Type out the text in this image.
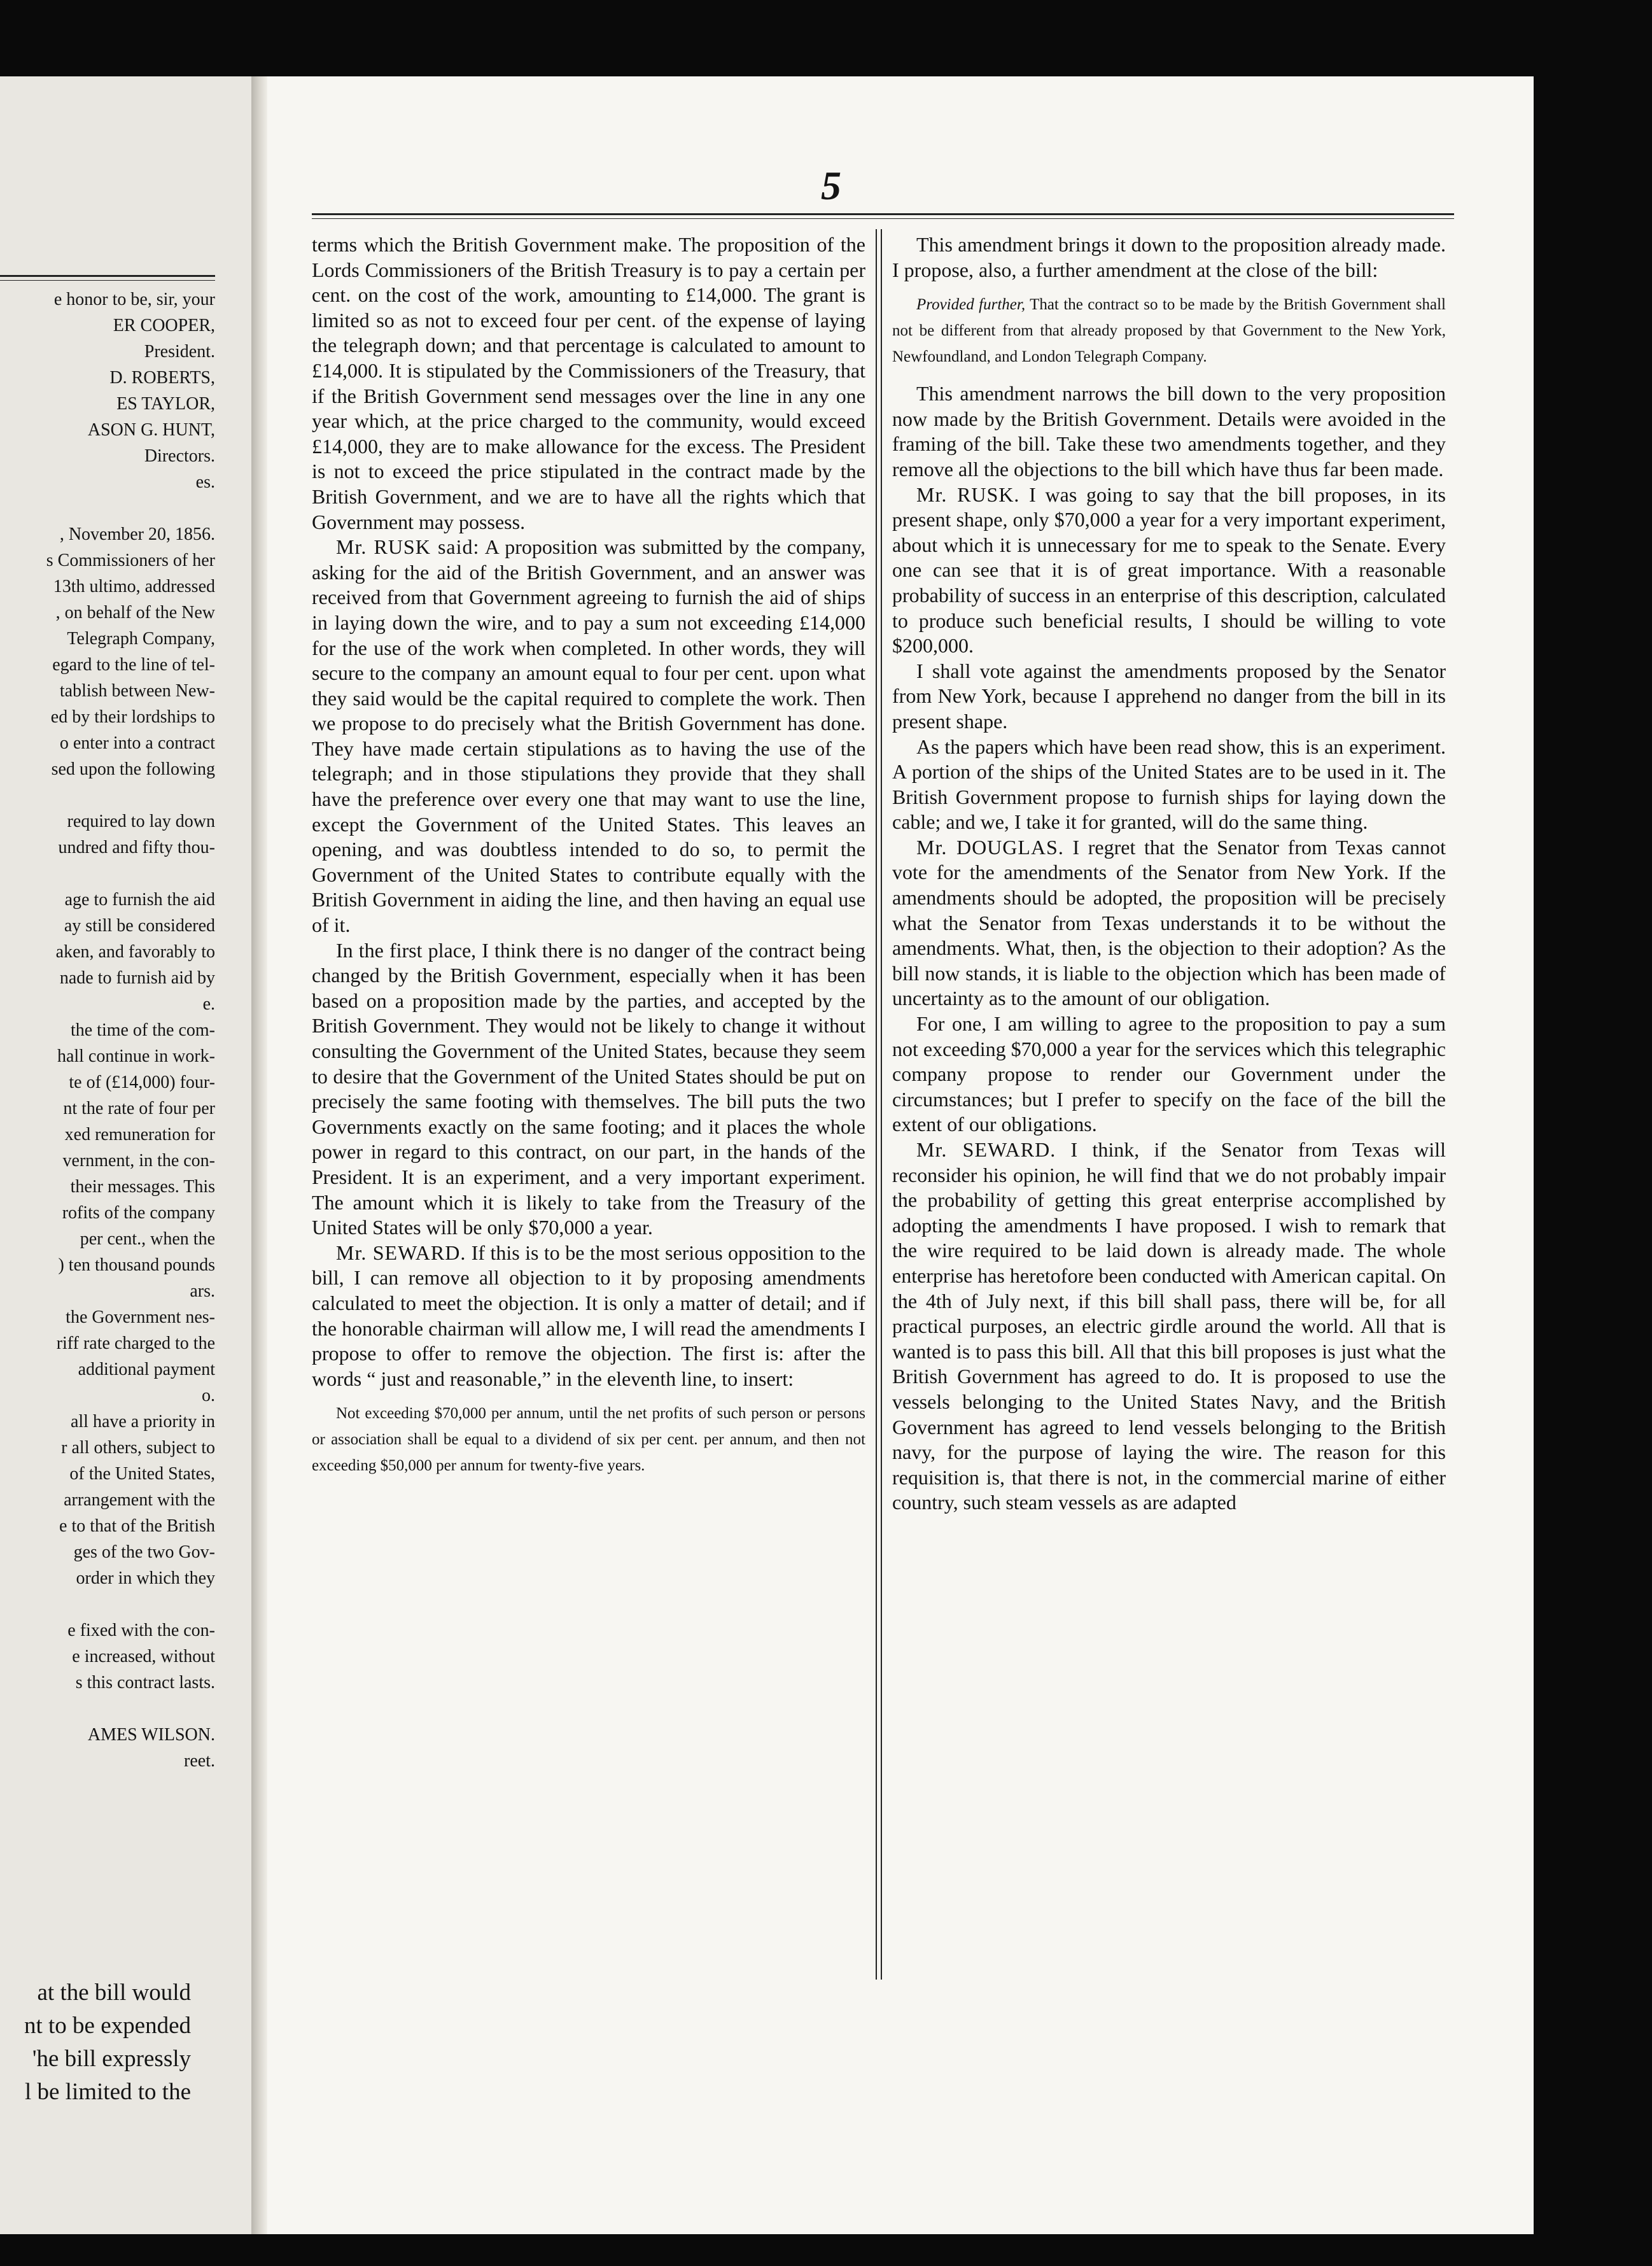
e honor to be, sir, your
ER COOPER,
President.
D. ROBERTS,
ES TAYLOR,
ASON G. HUNT,
Directors.
es.

, November 20, 1856.
s Commissioners of her
13th ultimo, addressed
, on behalf of the New
Telegraph Company,
egard to the line of tel-
tablish between New-
ed by their lordships to
o enter into a contract
sed upon the following

required to lay down
undred and fifty thou-

age to furnish the aid
ay still be considered
aken, and favorably to
nade to furnish aid by
e.
the time of the com-
hall continue in work-
te of (£14,000) four-
nt the rate of four per
xed remuneration for
vernment, in the con-
their messages. This
rofits of the company
per cent., when the
) ten thousand pounds
ars.
the Government nes-
riff rate charged to the
additional payment
o.
all have a priority in
r all others, subject to
of the United States,
arrangement with the
e to that of the British
ges of the two Gov-
order in which they

e fixed with the con-
e increased, without
s this contract lasts.

AMES WILSON.
reet.
at the bill would
nt to be expended
'he bill expressly
l be limited to the
5

terms which the British Government make. The proposition of the Lords Commissioners of the British Treasury is to pay a certain per cent. on the cost of the work, amounting to £14,000. The grant is limited so as not to exceed four per cent. of the expense of laying the telegraph down; and that percentage is calculated to amount to £14,000. It is stipulated by the Commissioners of the Treasury, that if the British Government send messages over the line in any one year which, at the price charged to the community, would exceed £14,000, they are to make allowance for the excess. The President is not to exceed the price stipulated in the contract made by the British Government, and we are to have all the rights which that Government may possess.

Mr. RUSK said: A proposition was submitted by the company, asking for the aid of the British Government, and an answer was received from that Government agreeing to furnish the aid of ships in laying down the wire, and to pay a sum not exceeding £14,000 for the use of the work when completed. In other words, they will secure to the company an amount equal to four per cent. upon what they said would be the capital required to complete the work. Then we propose to do precisely what the British Government has done. They have made certain stipulations as to having the use of the telegraph; and in those stipulations they provide that they shall have the preference over every one that may want to use the line, except the Government of the United States. This leaves an opening, and was doubtless intended to do so, to permit the Government of the United States to contribute equally with the British Government in aiding the line, and then having an equal use of it.

In the first place, I think there is no danger of the contract being changed by the British Government, especially when it has been based on a proposition made by the parties, and accepted by the British Government. They would not be likely to change it without consulting the Government of the United States, because they seem to desire that the Government of the United States should be put on precisely the same footing with themselves. The bill puts the two Governments exactly on the same footing; and it places the whole power in regard to this contract, on our part, in the hands of the President. It is an experiment, and a very important experiment. The amount which it is likely to take from the Treasury of the United States will be only $70,000 a year.

Mr. SEWARD. If this is to be the most serious opposition to the bill, I can remove all objection to it by proposing amendments calculated to meet the objection. It is only a matter of detail; and if the honorable chairman will allow me, I will read the amendments I propose to offer to remove the objection. The first is: after the words “ just and reasonable,” in the eleventh line, to insert:

Not exceeding $70,000 per annum, until the net profits of such person or persons or association shall be equal to a dividend of six per cent. per annum, and then not exceeding $50,000 per annum for twenty-five years.

This amendment brings it down to the proposition already made. I propose, also, a further amendment at the close of the bill:

Provided further, That the contract so to be made by the British Government shall not be different from that already proposed by that Government to the New York, Newfoundland, and London Telegraph Company.

This amendment narrows the bill down to the very proposition now made by the British Government. Details were avoided in the framing of the bill. Take these two amendments together, and they remove all the objections to the bill which have thus far been made.

Mr. RUSK. I was going to say that the bill proposes, in its present shape, only $70,000 a year for a very important experiment, about which it is unnecessary for me to speak to the Senate. Every one can see that it is of great importance. With a reasonable probability of success in an enterprise of this description, calculated to produce such beneficial results, I should be willing to vote $200,000.

I shall vote against the amendments proposed by the Senator from New York, because I apprehend no danger from the bill in its present shape.

As the papers which have been read show, this is an experiment. A portion of the ships of the United States are to be used in it. The British Government propose to furnish ships for laying down the cable; and we, I take it for granted, will do the same thing.

Mr. DOUGLAS. I regret that the Senator from Texas cannot vote for the amendments of the Senator from New York. If the amendments should be adopted, the proposition will be precisely what the Senator from Texas understands it to be without the amendments. What, then, is the objection to their adoption? As the bill now stands, it is liable to the objection which has been made of uncertainty as to the amount of our obligation.

For one, I am willing to agree to the proposition to pay a sum not exceeding $70,000 a year for the services which this telegraphic company propose to render our Government under the circumstances; but I prefer to specify on the face of the bill the extent of our obligations.

Mr. SEWARD. I think, if the Senator from Texas will reconsider his opinion, he will find that we do not probably impair the probability of getting this great enterprise accomplished by adopting the amendments I have proposed. I wish to remark that the wire required to be laid down is already made. The whole enterprise has heretofore been conducted with American capital. On the 4th of July next, if this bill shall pass, there will be, for all practical purposes, an electric girdle around the world. All that is wanted is to pass this bill. All that this bill proposes is just what the British Government has agreed to do. It is proposed to use the vessels belonging to the United States Navy, and the British Government has agreed to lend vessels belonging to the British navy, for the purpose of laying the wire. The reason for this requisition is, that there is not, in the commercial marine of either country, such steam vessels as are adapted
